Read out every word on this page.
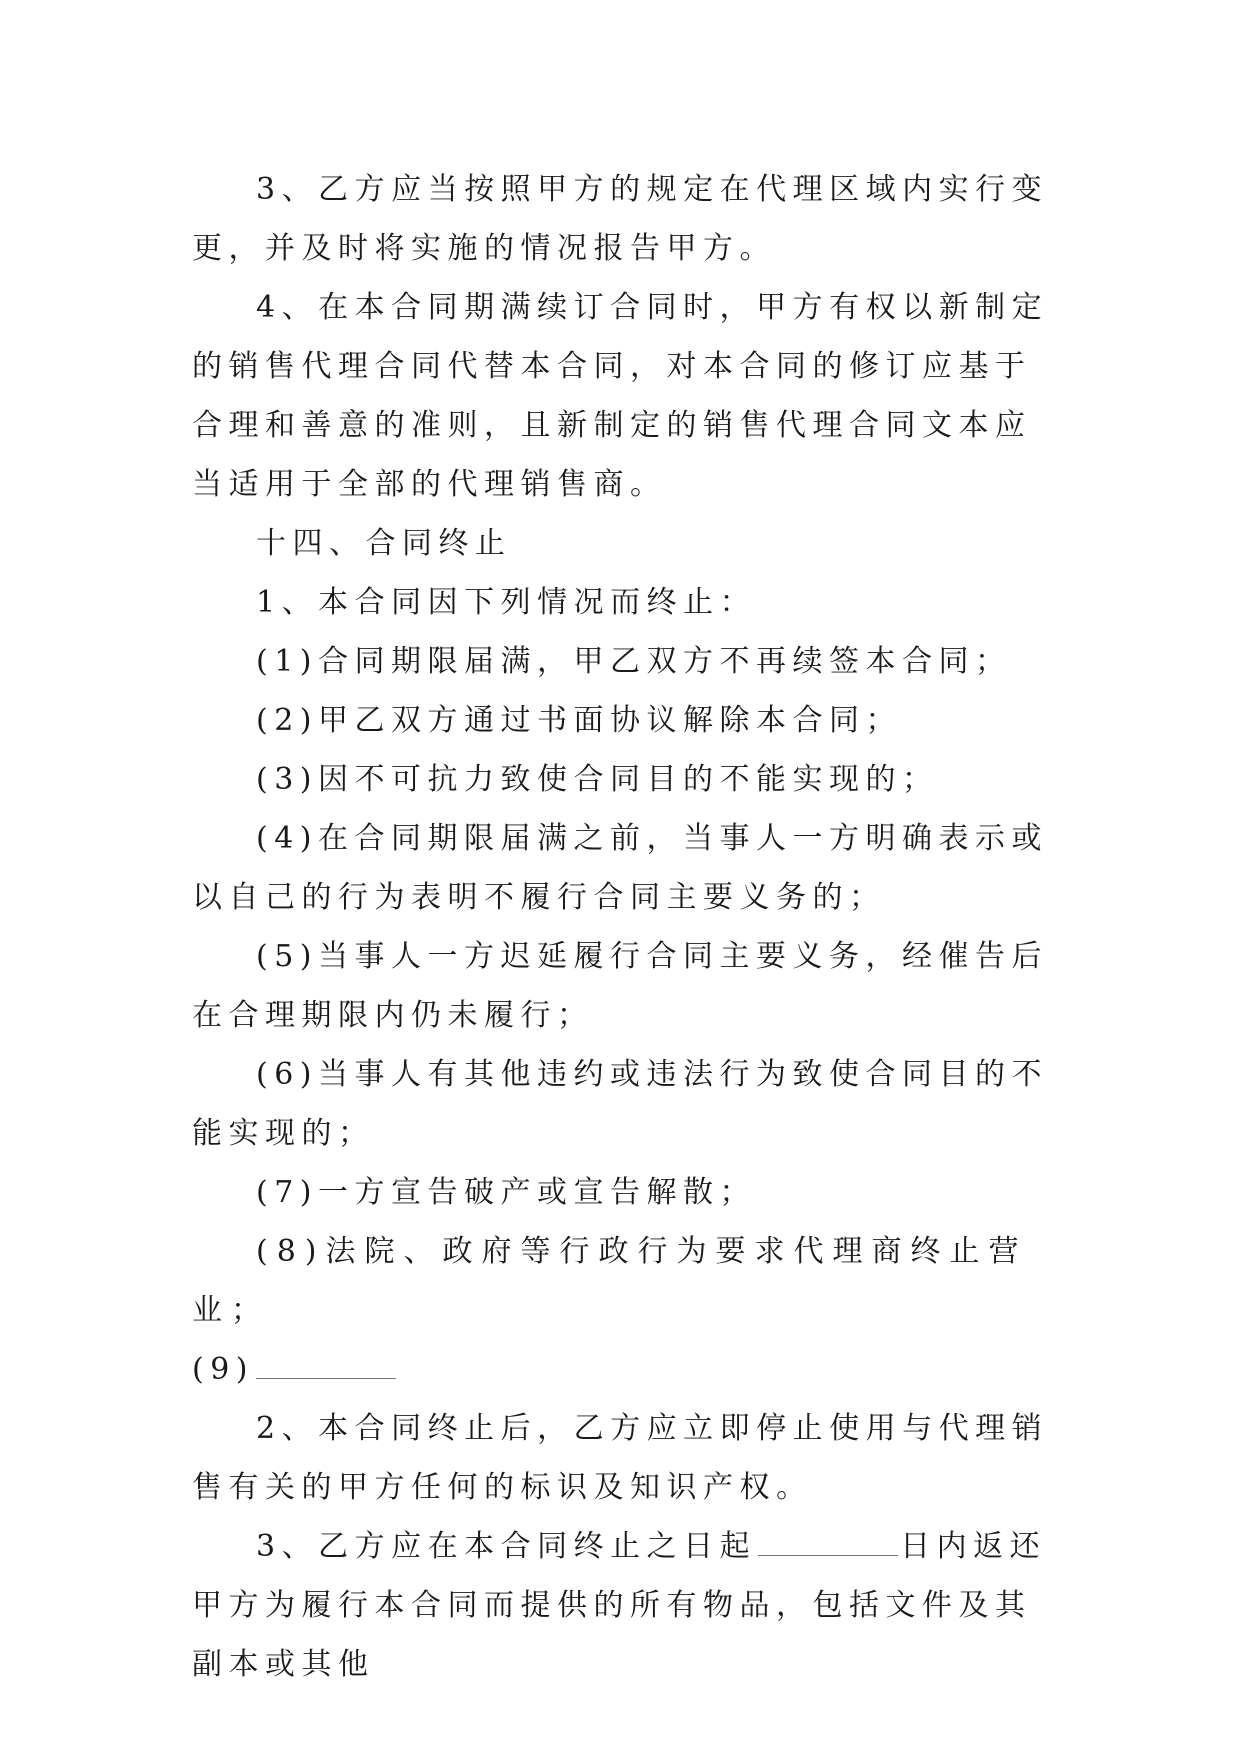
3、乙方应当按照甲方的规定在代理区域内实行变更，并及时将实施的情况报告甲方。

4、在本合同期满续订合同时，甲方有权以新制定的销售代理合同代替本合同，对本合同的修订应基于合理和善意的准则，且新制定的销售代理合同文本应当适用于全部的代理销售商。

十四、合同终止

1、本合同因下列情况而终止：

(1)合同期限届满，甲乙双方不再续签本合同；

(2)甲乙双方通过书面协议解除本合同；

(3)因不可抗力致使合同目的不能实现的；

(4)在合同期限届满之前，当事人一方明确表示或以自己的行为表明不履行合同主要义务的；

(5)当事人一方迟延履行合同主要义务，经催告后在合理期限内仍未履行；

(6)当事人有其他违约或违法行为致使合同目的不能实现的；

(7)一方宣告破产或宣告解散；

(8)法院、政府等行政行为要求代理商终止营业；

(9)

2、本合同终止后，乙方应立即停止使用与代理销售有关的甲方任何的标识及知识产权。

3、乙方应在本合同终止之日起	日内返还甲方为履行本合同而提供的所有物品，包括文件及其副本或其他
